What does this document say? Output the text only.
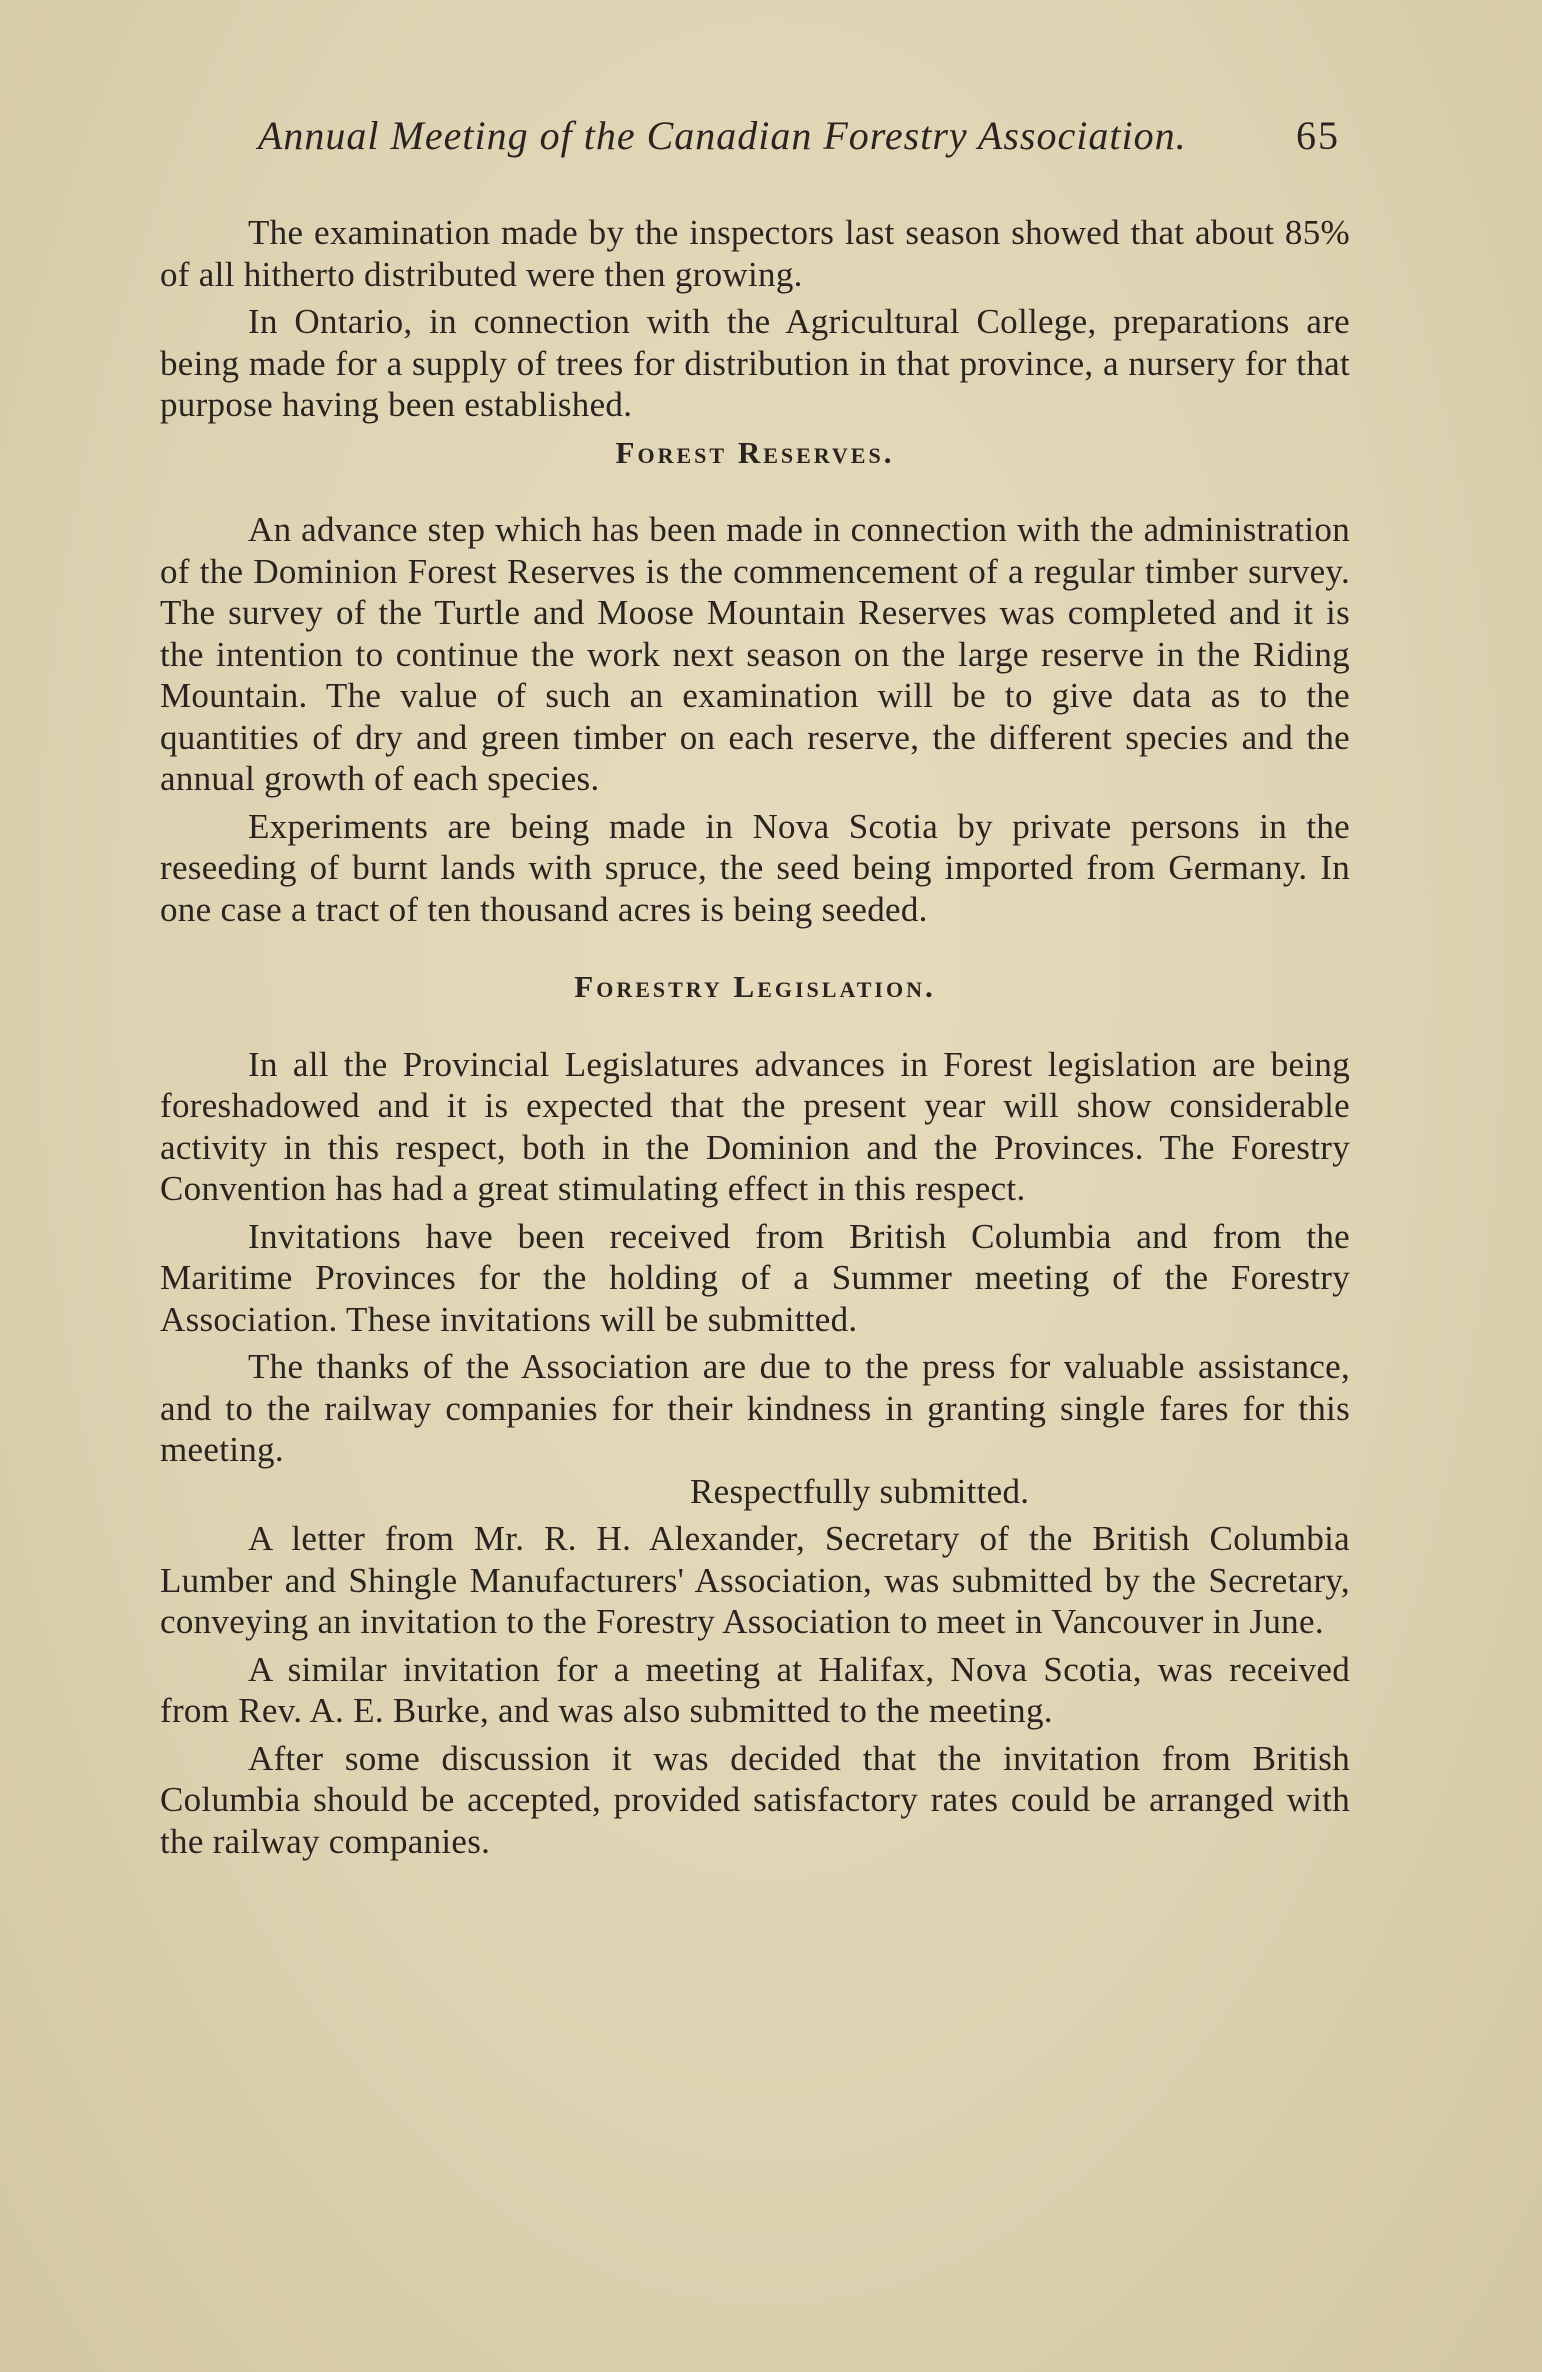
Annual Meeting of the Canadian Forestry Association.	65

The examination made by the inspectors last season showed that about 85% of all hitherto distributed were then growing.

In Ontario, in connection with the Agricultural College, preparations are being made for a supply of trees for distribution in that province, a nursery for that purpose having been established.

Forest Reserves.

An advance step which has been made in connection with the administration of the Dominion Forest Reserves is the commencement of a regular timber survey. The survey of the Turtle and Moose Mountain Reserves was completed and it is the intention to continue the work next season on the large reserve in the Riding Mountain. The value of such an examination will be to give data as to the quantities of dry and green timber on each reserve, the different species and the annual growth of each species.

Experiments are being made in Nova Scotia by private persons in the reseeding of burnt lands with spruce, the seed being imported from Germany. In one case a tract of ten thousand acres is being seeded.

Forestry Legislation.

In all the Provincial Legislatures advances in Forest legislation are being foreshadowed and it is expected that the present year will show considerable activity in this respect, both in the Dominion and the Provinces. The Forestry Convention has had a great stimulating effect in this respect.

Invitations have been received from British Columbia and from the Maritime Provinces for the holding of a Summer meeting of the Forestry Association. These invitations will be submitted.

The thanks of the Association are due to the press for valuable assistance, and to the railway companies for their kindness in granting single fares for this meeting.

Respectfully submitted.

A letter from Mr. R. H. Alexander, Secretary of the British Columbia Lumber and Shingle Manufacturers' Association, was submitted by the Secretary, conveying an invitation to the Forestry Association to meet in Vancouver in June.

A similar invitation for a meeting at Halifax, Nova Scotia, was received from Rev. A. E. Burke, and was also submitted to the meeting.

After some discussion it was decided that the invitation from British Columbia should be accepted, provided satisfactory rates could be arranged with the railway companies.
